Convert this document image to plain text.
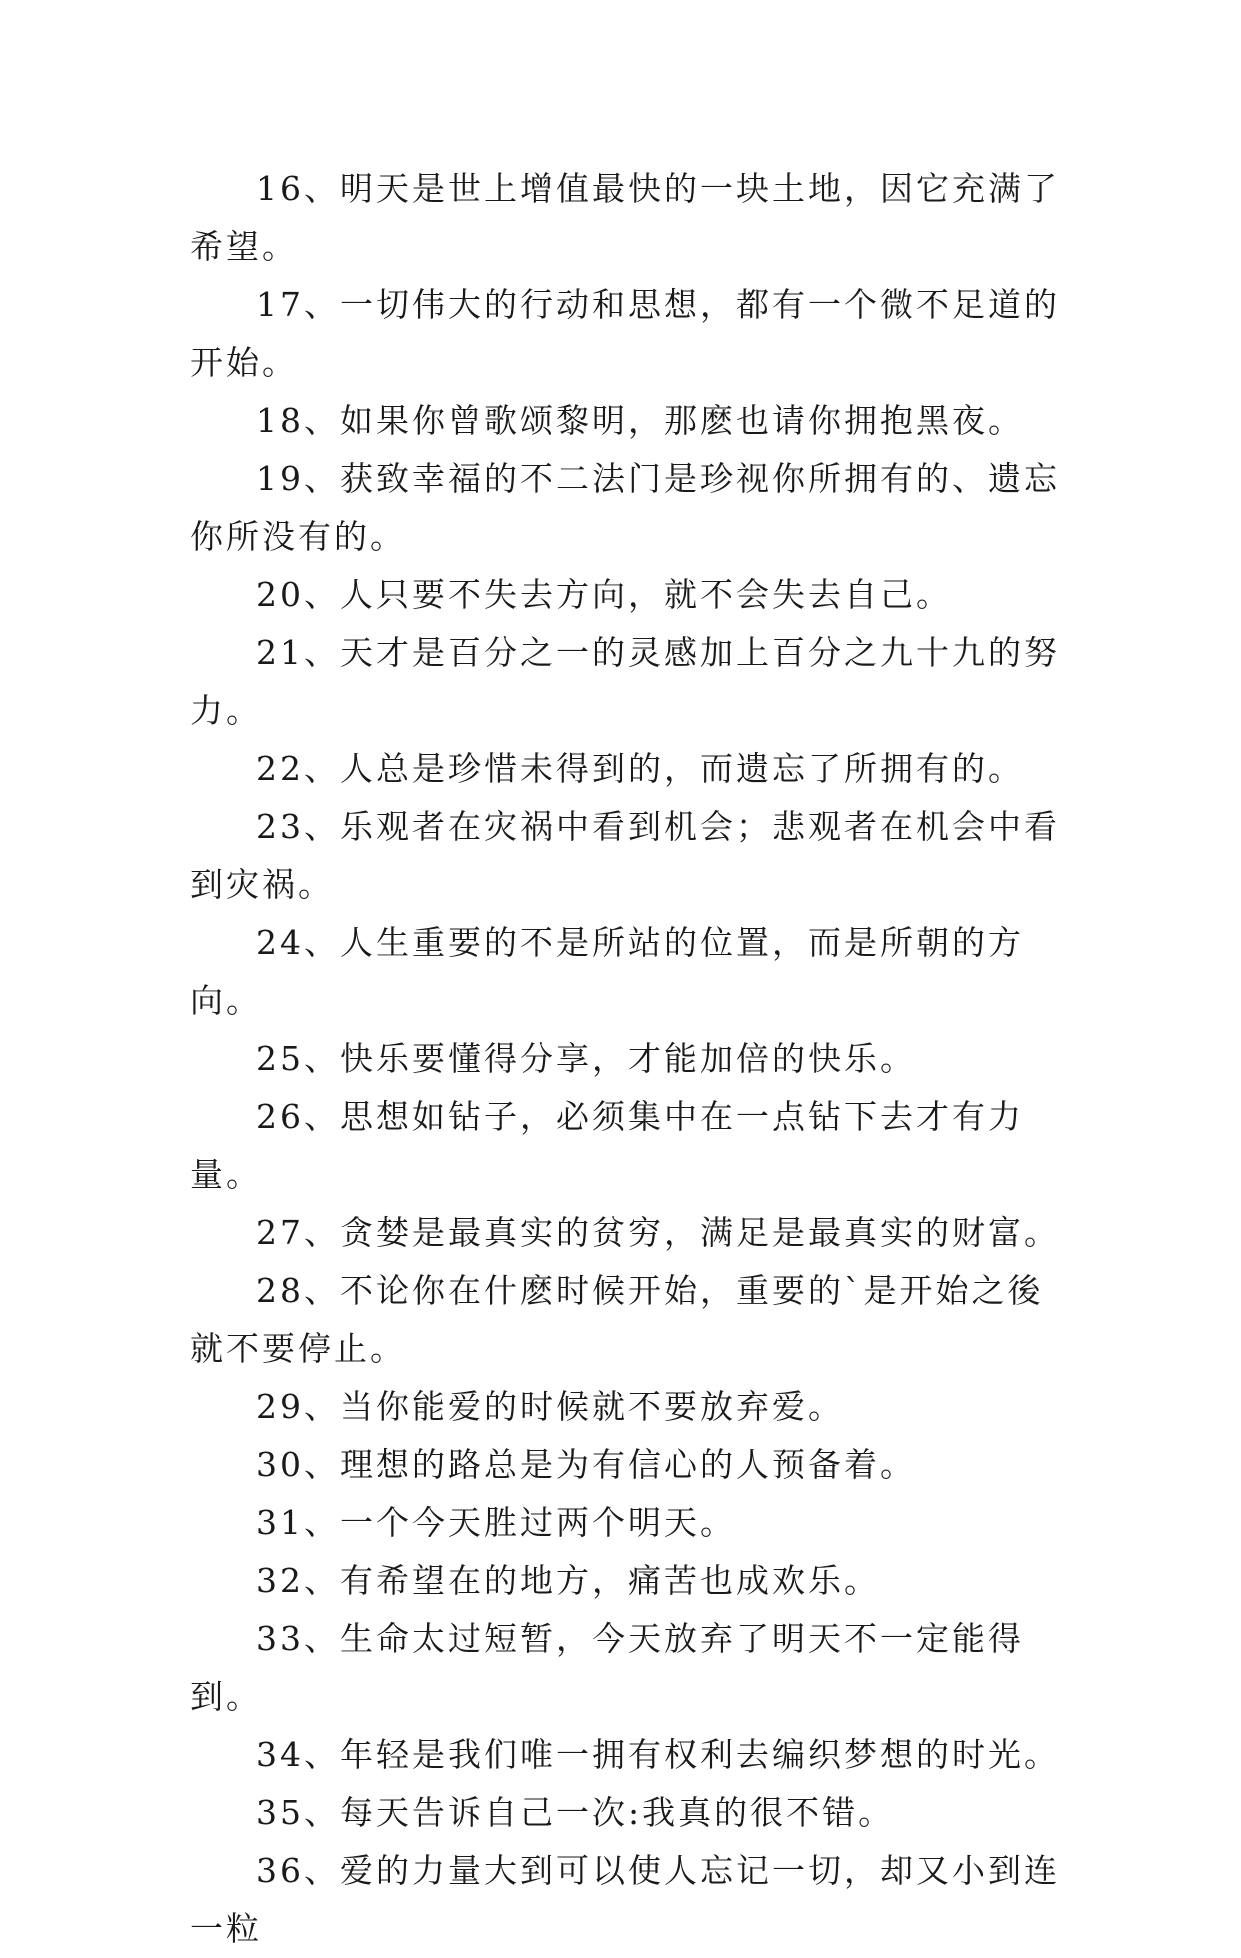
16、明天是世上增值最快的一块土地，因它充满了希望。

17、一切伟大的行动和思想，都有一个微不足道的开始。

18、如果你曾歌颂黎明，那麽也请你拥抱黑夜。

19、获致幸福的不二法门是珍视你所拥有的、遗忘你所没有的。

20、人只要不失去方向，就不会失去自己。

21、天才是百分之一的灵感加上百分之九十九的努力。

22、人总是珍惜未得到的，而遗忘了所拥有的。

23、乐观者在灾祸中看到机会；悲观者在机会中看到灾祸。

24、人生重要的不是所站的位置，而是所朝的方向。

25、快乐要懂得分享，才能加倍的快乐。

26、思想如钻子，必须集中在一点钻下去才有力量。

27、贪婪是最真实的贫穷，满足是最真实的财富。

28、不论你在什麽时候开始，重要的`是开始之後就不要停止。

29、当你能爱的时候就不要放弃爱。

30、理想的路总是为有信心的人预备着。

31、一个今天胜过两个明天。

32、有希望在的地方，痛苦也成欢乐。

33、生命太过短暂，今天放弃了明天不一定能得到。

34、年轻是我们唯一拥有权利去编织梦想的时光。

35、每天告诉自己一次:我真的很不错。

36、爱的力量大到可以使人忘记一切，却又小到连一粒
